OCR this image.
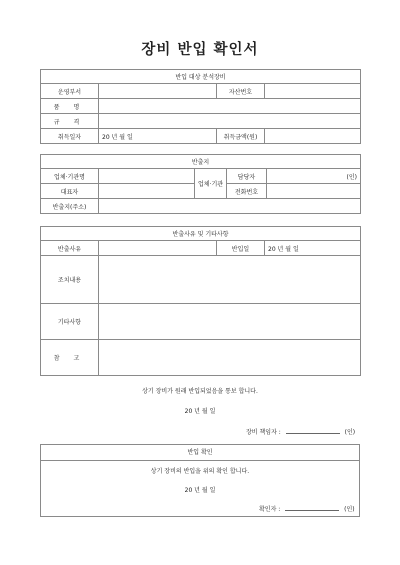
장비 반입 확인서
반입 대상 분석장비			
운영부서		자산번호	
품 명			
규 격			
취득일자	20 년 월 일	취득금액(원)	
반출지				
업체·기관명		업체·기관	담당자	(인)
대표자			전화번호	
반출지(주소)				
반출사유 및 기타사항			
반출사유		반입일	20 년 월 일
조치내용			
기타사항			
참 고			
상기 장비가 원래 반입되었음을 통보 합니다.
20 년 월 일
장비 책임자 :	(인)
반입 확인
상기 장비의 반입을 위의 확인 합니다.
20 년 월 일
확인자 :	(인)
